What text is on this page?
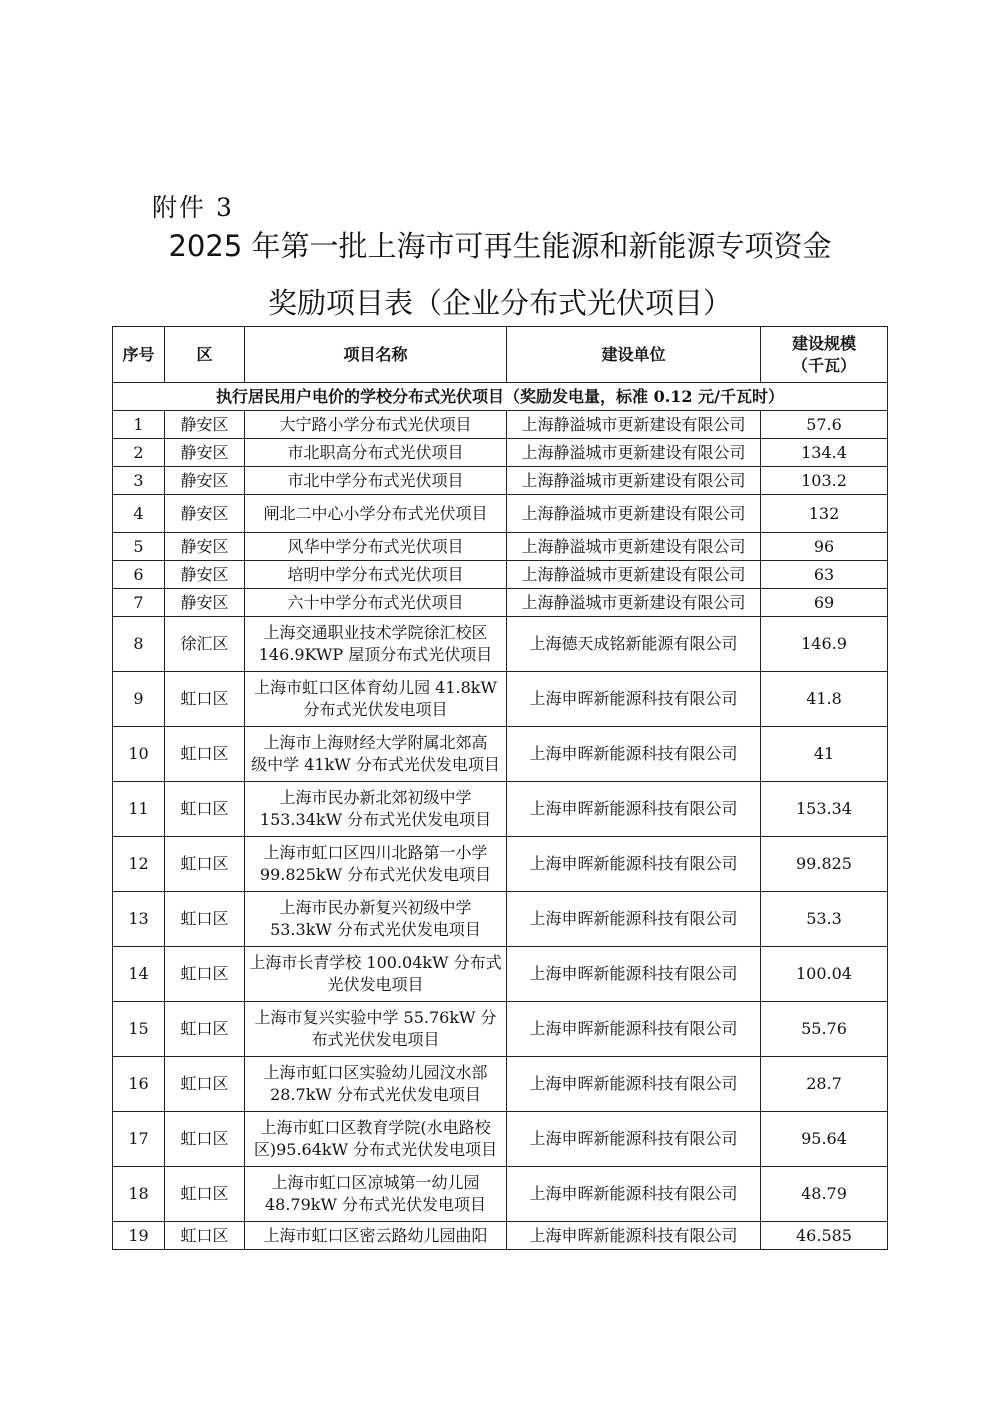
附件 3
2025 年第一批上海市可再生能源和新能源专项资金
奖励项目表（企业分布式光伏项目）
序号	区	项目名称	建设单位	建设规模
（千瓦）

执行居民用户电价的学校分布式光伏项目（奖励发电量，标准 0.12 元/千瓦时）				
1	静安区	大宁路小学分布式光伏项目	上海静溢城市更新建设有限公司	57.6
2	静安区	市北职高分布式光伏项目	上海静溢城市更新建设有限公司	134.4
3	静安区	市北中学分布式光伏项目	上海静溢城市更新建设有限公司	103.2
4	静安区	闸北二中心小学分布式光伏项目	上海静溢城市更新建设有限公司	132
5	静安区	风华中学分布式光伏项目	上海静溢城市更新建设有限公司	96
6	静安区	培明中学分布式光伏项目	上海静溢城市更新建设有限公司	63
7	静安区	六十中学分布式光伏项目	上海静溢城市更新建设有限公司	69
8	徐汇区	上海交通职业技术学院徐汇校区
146.9KWP 屋顶分布式光伏项目	上海德天成铭新能源有限公司	146.9
9	虹口区	上海市虹口区体育幼儿园 41.8kW
分布式光伏发电项目	上海申晖新能源科技有限公司	41.8
10	虹口区	上海市上海财经大学附属北郊高
级中学 41kW 分布式光伏发电项目	上海申晖新能源科技有限公司	41
11	虹口区	上海市民办新北郊初级中学
153.34kW 分布式光伏发电项目	上海申晖新能源科技有限公司	153.34
12	虹口区	上海市虹口区四川北路第一小学
99.825kW 分布式光伏发电项目	上海申晖新能源科技有限公司	99.825
13	虹口区	上海市民办新复兴初级中学
53.3kW 分布式光伏发电项目	上海申晖新能源科技有限公司	53.3
14	虹口区	上海市长青学校 100.04kW 分布式
光伏发电项目	上海申晖新能源科技有限公司	100.04
15	虹口区	上海市复兴实验中学 55.76kW 分
布式光伏发电项目	上海申晖新能源科技有限公司	55.76
16	虹口区	上海市虹口区实验幼儿园汶水部
28.7kW 分布式光伏发电项目	上海申晖新能源科技有限公司	28.7
17	虹口区	上海市虹口区教育学院(水电路校
区)95.64kW 分布式光伏发电项目	上海申晖新能源科技有限公司	95.64
18	虹口区	上海市虹口区凉城第一幼儿园
48.79kW 分布式光伏发电项目	上海申晖新能源科技有限公司	48.79
19	虹口区	上海市虹口区密云路幼儿园曲阳	上海申晖新能源科技有限公司	46.585
